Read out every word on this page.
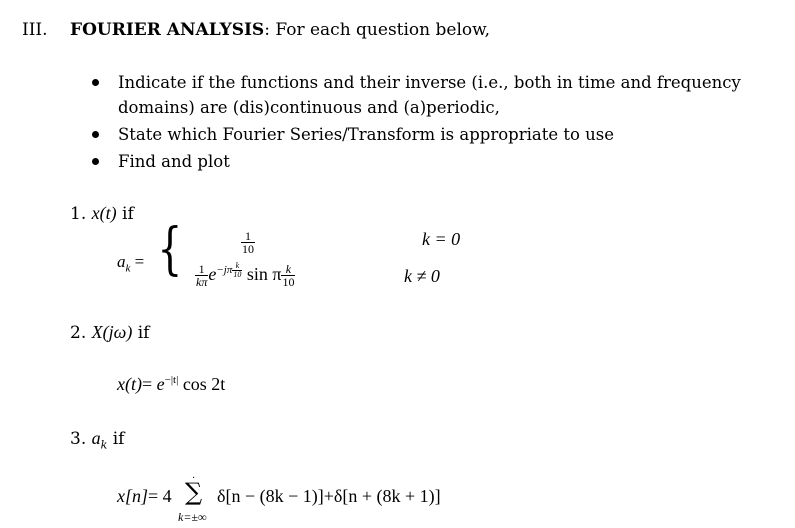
III. FOURIER ANALYSIS: For each question below,
Indicate if the functions and their inverse (i.e., both in time and frequency
domains) are (dis)continuous and (a)periodic,
State which Fourier Series/Transform is appropriate to use
Find and plot
1. x(t) if
$a_k$ = {	$\frac{1}{10}$	k = 0
$\frac{1}{k\pi} e^{-j\pi \frac{k}{10}}$ sin π $\frac{k}{10}$	k ≠ 0
2. X(jω) if
$x(t)= e^{-|t|}$ cos 2t
3. $a_k$ if
x[n]= 4
.
∑
k=±∞
δ[n − (8k − 1)]+δ[n + (8k + 1)]
